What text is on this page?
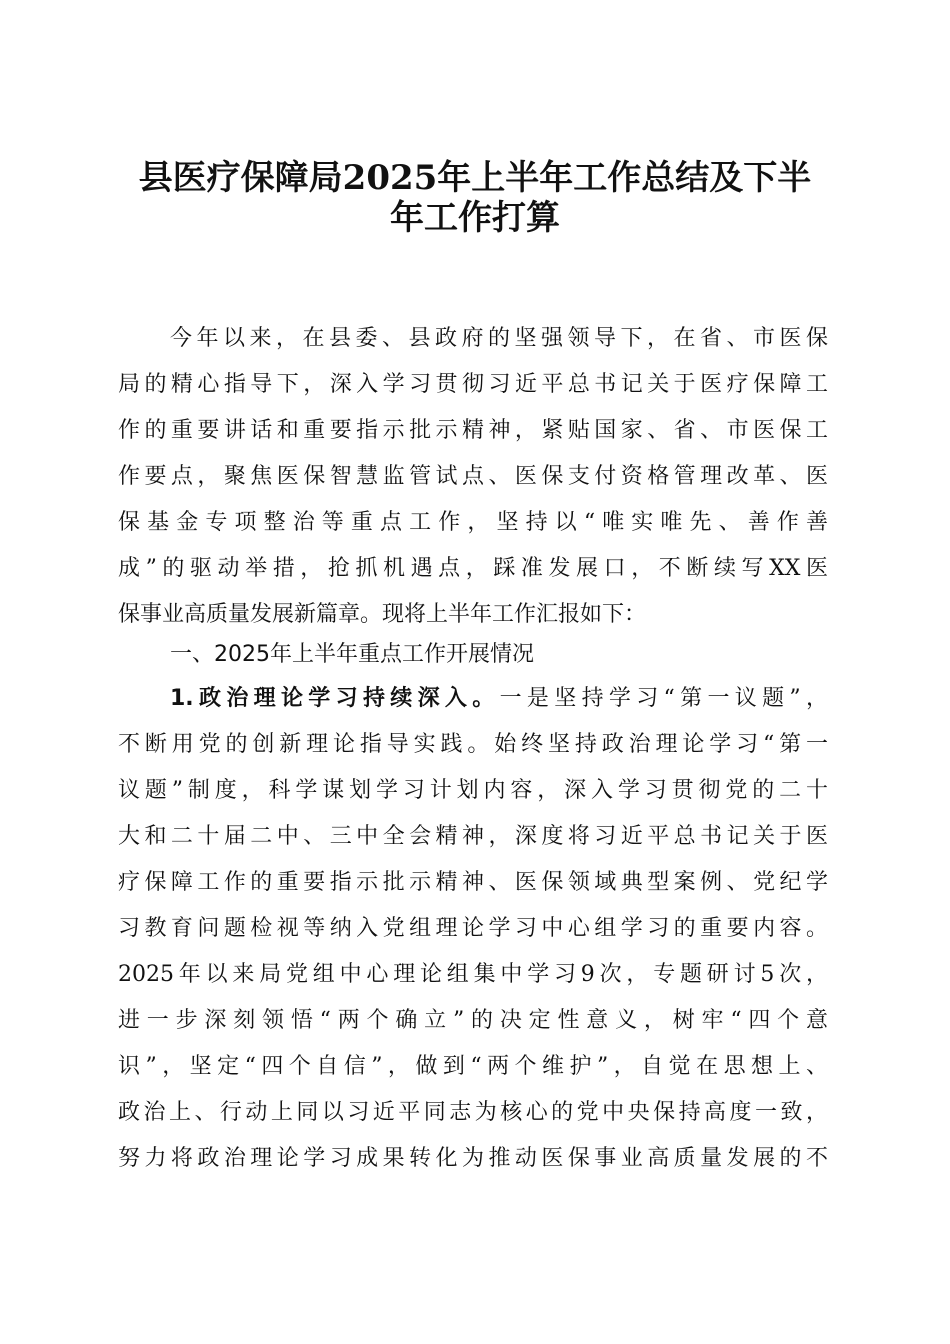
县医疗保障局2025年上半年工作总结及下半
年工作打算
今年以来，在县委、县政府的坚强领导下，在省、市医保
局的精心指导下，深入学习贯彻习近平总书记关于医疗保障工
作的重要讲话和重要指示批示精神，紧贴国家、省、市医保工
作要点，聚焦医保智慧监管试点、医保支付资格管理改革、医
保基金专项整治等重点工作，坚持以“唯实唯先、善作善
成”的驱动举措，抢抓机遇点，踩准发展口，不断续写XX医
保事业高质量发展新篇章。现将上半年工作汇报如下：
一、2025年上半年重点工作开展情况
1.政治理论学习持续深入。一是坚持学习“第一议题”，
不断用党的创新理论指导实践。始终坚持政治理论学习“第一
议题”制度，科学谋划学习计划内容，深入学习贯彻党的二十
大和二十届二中、三中全会精神，深度将习近平总书记关于医
疗保障工作的重要指示批示精神、医保领域典型案例、党纪学
习教育问题检视等纳入党组理论学习中心组学习的重要内容。
2025年以来局党组中心理论组集中学习9次，专题研讨5次，
进一步深刻领悟“两个确立”的决定性意义，树牢“四个意
识”，坚定“四个自信”，做到“两个维护”，自觉在思想上、
政治上、行动上同以习近平同志为核心的党中央保持高度一致，
努力将政治理论学习成果转化为推动医保事业高质量发展的不
